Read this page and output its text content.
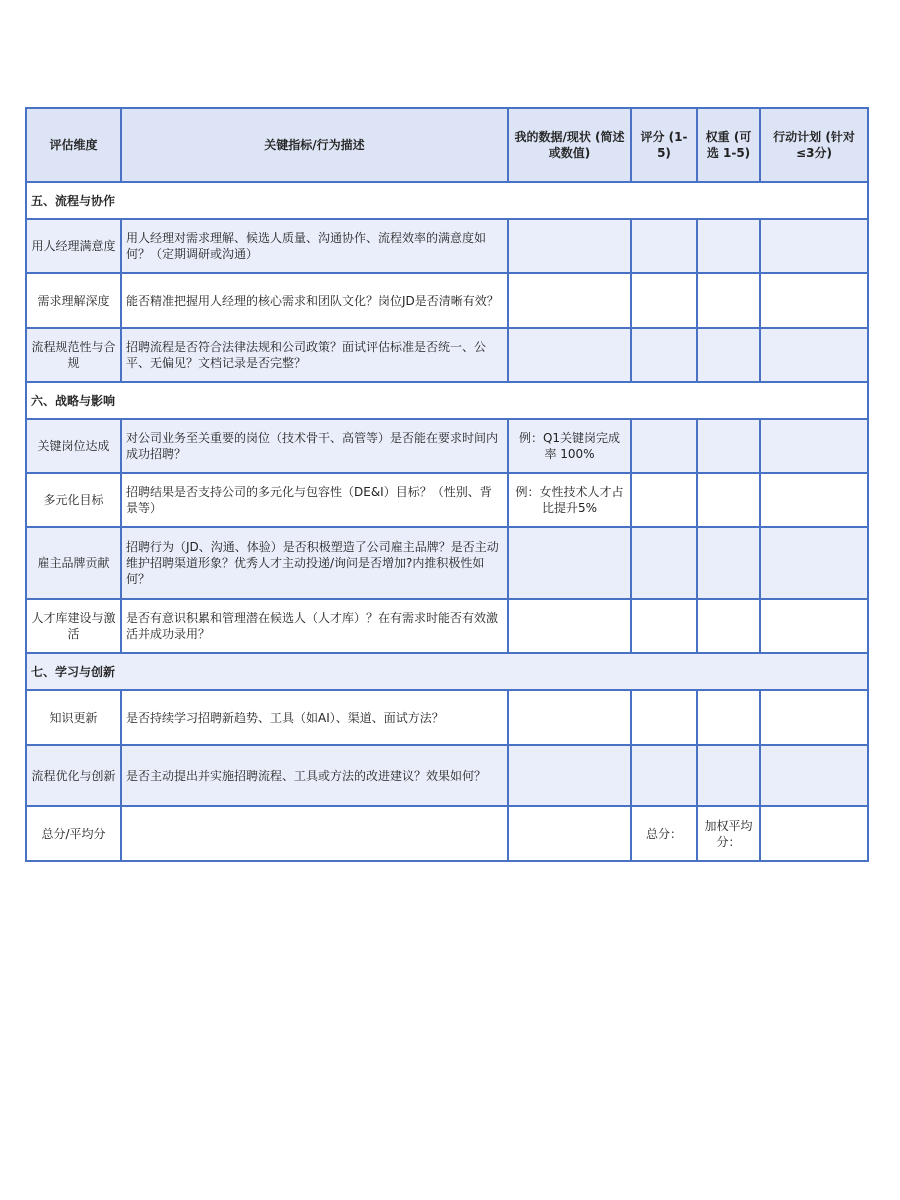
评估维度	关键指标/行为描述	我的数据/现状 (简述或数值)	评分 (1-5)	权重 (可选 1-5)	行动计划 (针对≤3分)
五、流程与协作					
用人经理满意度	用人经理对需求理解、候选人质量、沟通协作、流程效率的满意度如何？（定期调研或沟通）				
需求理解深度	能否精准把握用人经理的核心需求和团队文化？岗位JD是否清晰有效？				
流程规范性与合规	招聘流程是否符合法律法规和公司政策？面试评估标准是否统一、公平、无偏见？文档记录是否完整？				
六、战略与影响					
关键岗位达成	对公司业务至关重要的岗位（技术骨干、高管等）是否能在要求时间内成功招聘？	例：Q1关键岗完成率 100%			
多元化目标	招聘结果是否支持公司的多元化与包容性（DE&I）目标？（性别、背景等）	例：女性技术人才占比提升5%			
雇主品牌贡献	招聘行为（JD、沟通、体验）是否积极塑造了公司雇主品牌？是否主动维护招聘渠道形象？优秀人才主动投递/询问是否增加?内推积极性如何？				
人才库建设与激活	是否有意识积累和管理潜在候选人（人才库）？在有需求时能否有效激活并成功录用？				
七、学习与创新					
知识更新	是否持续学习招聘新趋势、工具（如AI）、渠道、面试方法？				
流程优化与创新	是否主动提出并实施招聘流程、工具或方法的改进建议？效果如何？				
总分/平均分			总分：	加权平均分：	
